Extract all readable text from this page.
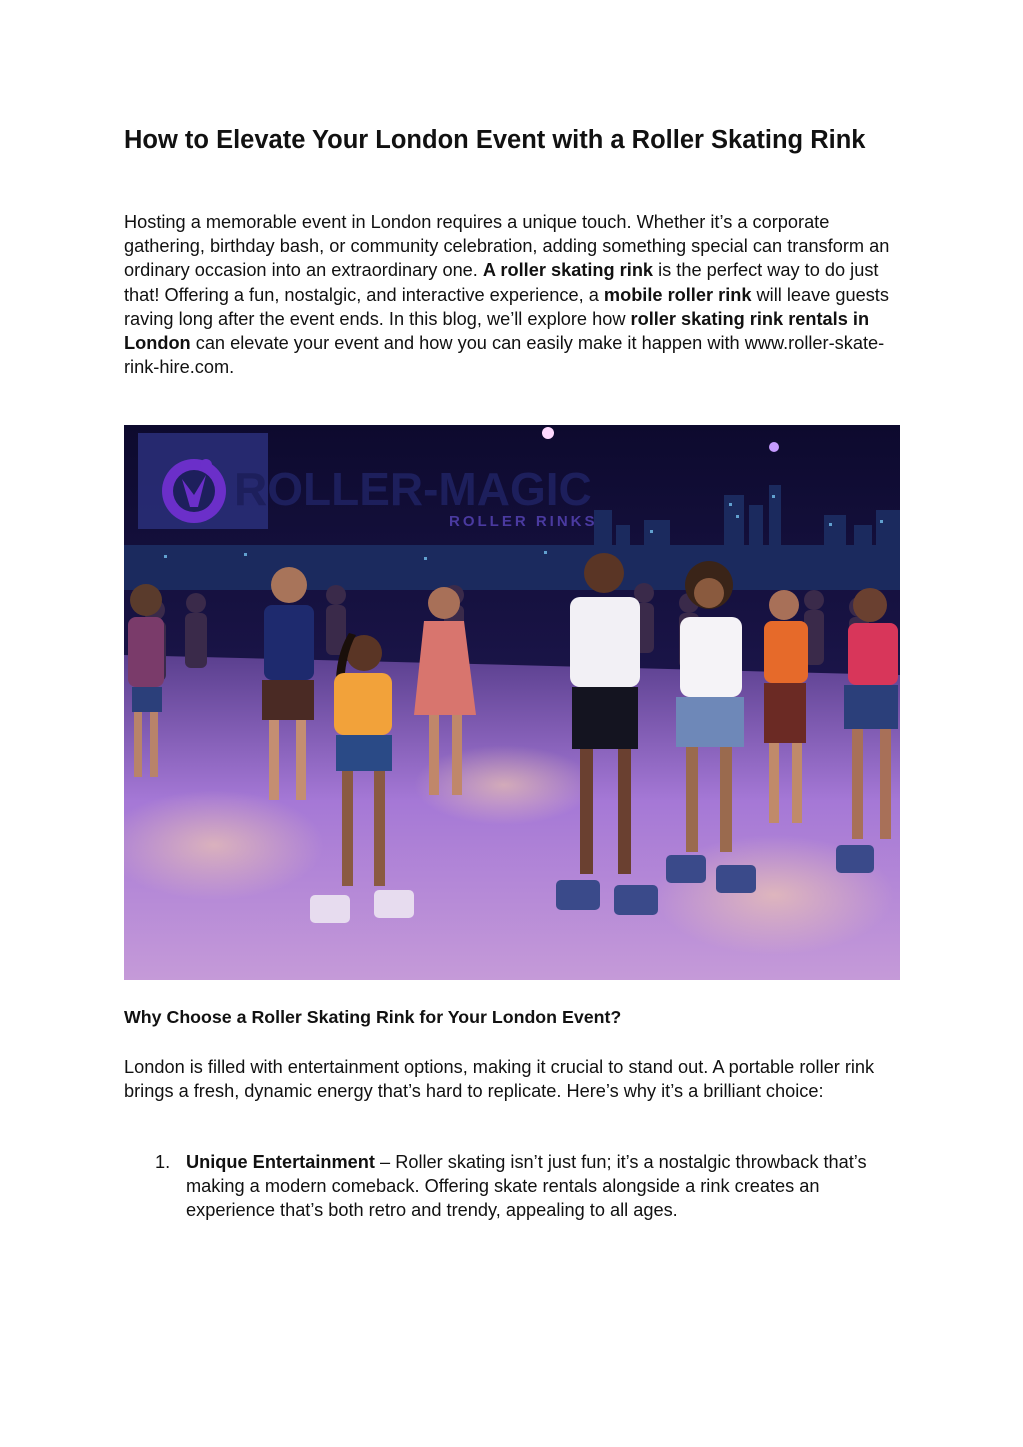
How to Elevate Your London Event with a Roller Skating Rink

Hosting a memorable event in London requires a unique touch. Whether it’s a corporate gathering, birthday bash, or community celebration, adding something special can transform an ordinary occasion into an extraordinary one. A roller skating rink is the perfect way to do just that! Offering a fun, nostalgic, and interactive experience, a mobile roller rink will leave guests raving long after the event ends. In this blog, we’ll explore how roller skating rink rentals in London can elevate your event and how you can easily make it happen with www.roller-skate-rink-hire.com.

ROLLER-MAGIC
ROLLER RINKS
Why Choose a Roller Skating Rink for Your London Event?

London is filled with entertainment options, making it crucial to stand out. A portable roller rink brings a fresh, dynamic energy that’s hard to replicate. Here’s why it’s a brilliant choice:

1. Unique Entertainment – Roller skating isn’t just fun; it’s a nostalgic throwback that’s making a modern comeback. Offering skate rentals alongside a rink creates an experience that’s both retro and trendy, appealing to all ages.
